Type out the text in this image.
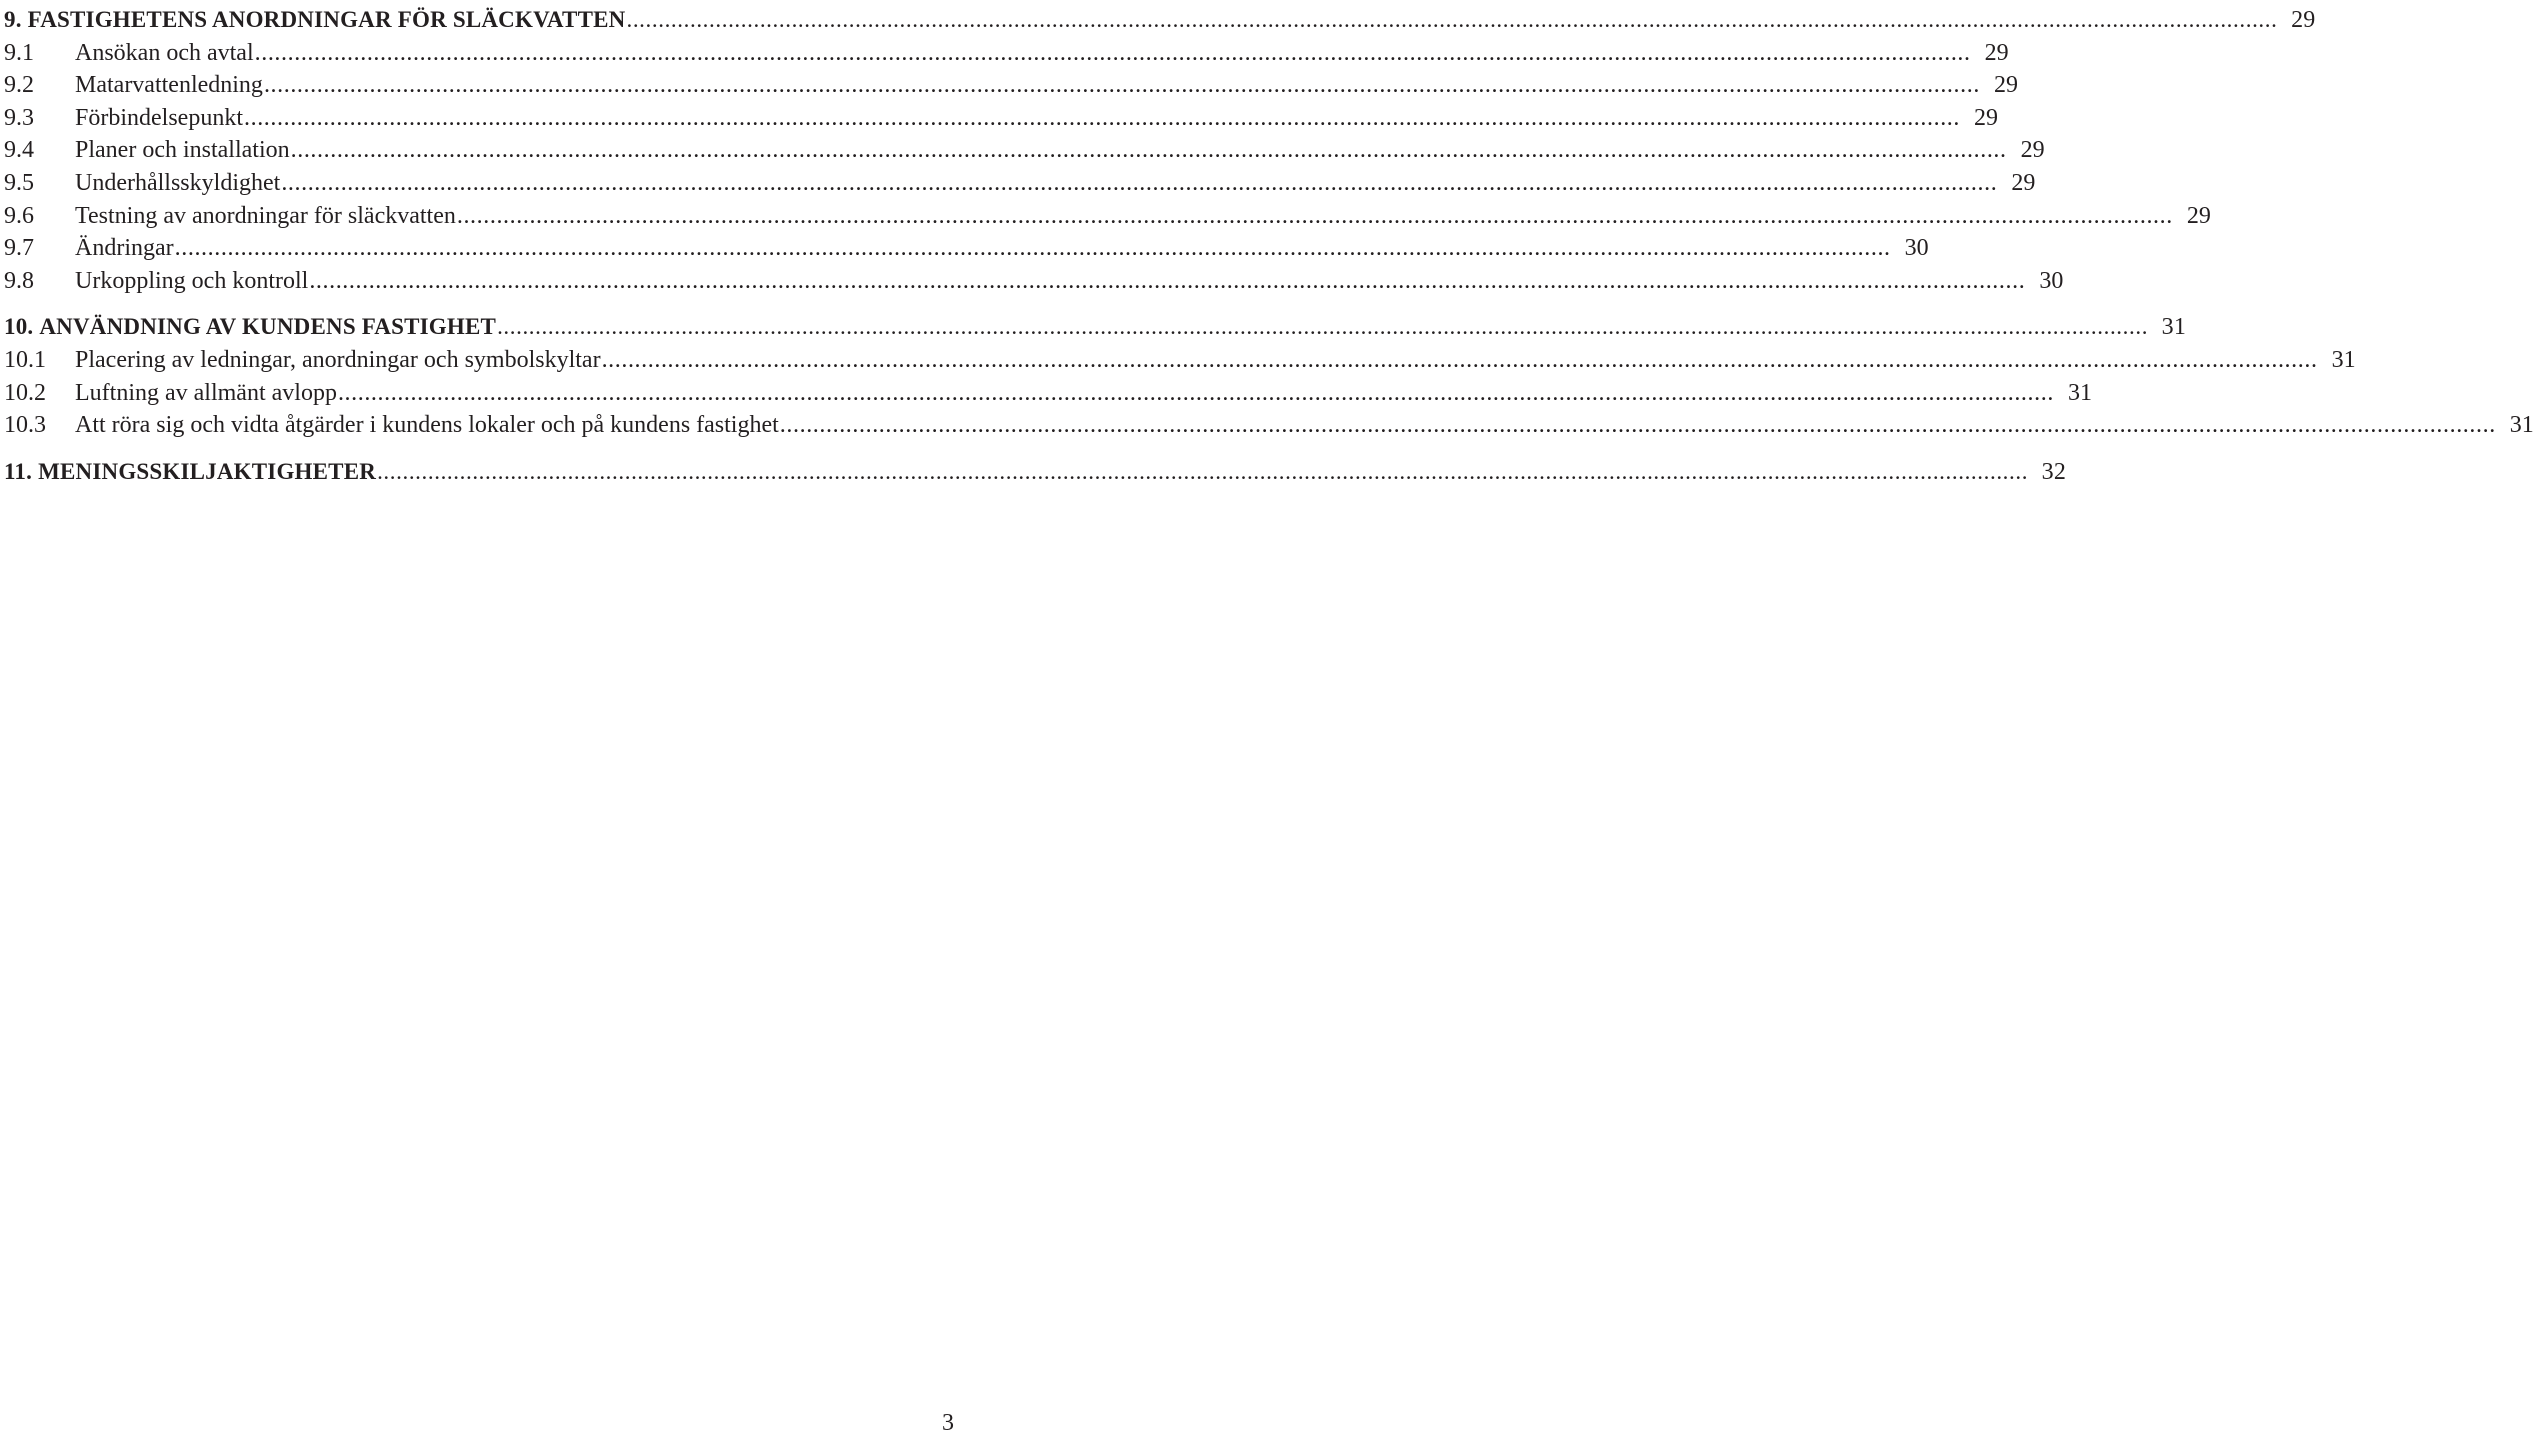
9. FASTIGHETENS ANORDNINGAR FÖR SLÄCKVATTEN .....	29
9.1	Ansökan och avtal .....	29
9.2	Matarvattenledning .....	29
9.3	Förbindelsepunkt .....	29
9.4	Planer och installation .....	29
9.5	Underhållsskyldighet .....	29
9.6	Testning av anordningar för släckvatten .....	29
9.7	Ändringar .....	30
9.8	Urkoppling och kontroll .....	30
10. ANVÄNDNING AV KUNDENS FASTIGHET .....	31
10.1	Placering av ledningar, anordningar och symbolskyltar .....	31
10.2	Luftning av allmänt avlopp .....	31
10.3	Att röra sig och vidta åtgärder i kundens lokaler och på kundens fastighet .....	31
11. MENINGSSKILJAKTIGHETER .....	32
3
